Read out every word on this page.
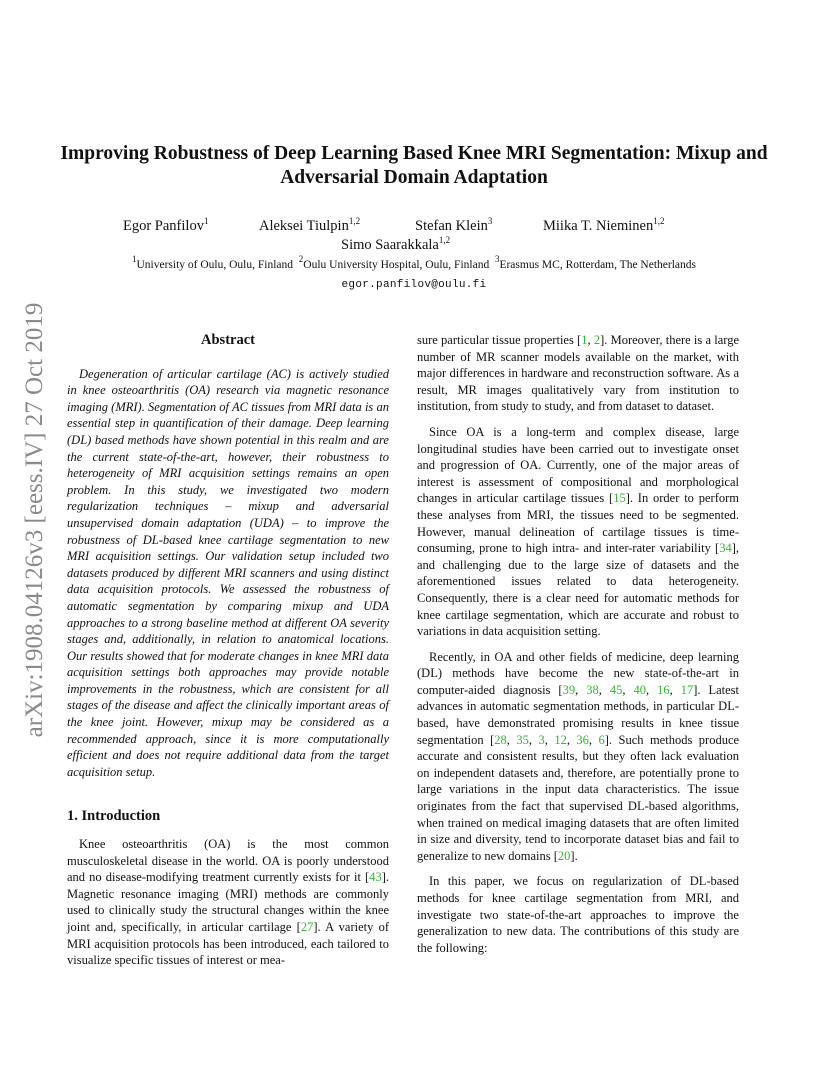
arXiv:1908.04126v3 [eess.IV] 27 Oct 2019
Improving Robustness of Deep Learning Based Knee MRI Segmentation: Mixup and Adversarial Domain Adaptation
Egor Panfilov$^1$	Aleksei Tiulpin$^{1,2}$	Stefan Klein$^3$	Miika T. Nieminen$^{1,2}$
Simo Saarakkala$^{1,2}$
$^1$University of Oulu, Oulu, Finland $^2$Oulu University Hospital, Oulu, Finland $^3$Erasmus MC, Rotterdam, The Netherlands
egor.panfilov@oulu.fi
Abstract

Degeneration of articular cartilage (AC) is actively studied in knee osteoarthritis (OA) research via magnetic resonance imaging (MRI). Segmentation of AC tissues from MRI data is an essential step in quantification of their damage. Deep learning (DL) based methods have shown potential in this realm and are the current state-of-the-art, however, their robustness to heterogeneity of MRI acquisition settings remains an open problem. In this study, we investigated two modern regularization techniques – mixup and adversarial unsupervised domain adaptation (UDA) – to improve the robustness of DL-based knee cartilage segmentation to new MRI acquisition settings. Our validation setup included two datasets produced by different MRI scanners and using distinct data acquisition protocols. We assessed the robustness of automatic segmentation by comparing mixup and UDA approaches to a strong baseline method at different OA severity stages and, additionally, in relation to anatomical locations. Our results showed that for moderate changes in knee MRI data acquisition settings both approaches may provide notable improvements in the robustness, which are consistent for all stages of the disease and affect the clinically important areas of the knee joint. However, mixup may be considered as a recommended approach, since it is more computationally efficient and does not require additional data from the target acquisition setup.

1. Introduction

Knee osteoarthritis (OA) is the most common musculoskeletal disease in the world. OA is poorly understood and no disease-modifying treatment currently exists for it [43]. Magnetic resonance imaging (MRI) methods are commonly used to clinically study the structural changes within the knee joint and, specifically, in articular cartilage [27]. A variety of MRI acquisition protocols has been introduced, each tailored to visualize specific tissues of interest or mea-

sure particular tissue properties [1, 2]. Moreover, there is a large number of MR scanner models available on the market, with major differences in hardware and reconstruction software. As a result, MR images qualitatively vary from institution to institution, from study to study, and from dataset to dataset.

Since OA is a long-term and complex disease, large longitudinal studies have been carried out to investigate onset and progression of OA. Currently, one of the major areas of interest is assessment of compositional and morphological changes in articular cartilage tissues [15]. In order to perform these analyses from MRI, the tissues need to be segmented. However, manual delineation of cartilage tissues is time-consuming, prone to high intra- and inter-rater variability [34], and challenging due to the large size of datasets and the aforementioned issues related to data heterogeneity. Consequently, there is a clear need for automatic methods for knee cartilage segmentation, which are accurate and robust to variations in data acquisition setting.

Recently, in OA and other fields of medicine, deep learning (DL) methods have become the new state-of-the-art in computer-aided diagnosis [39, 38, 45, 40, 16, 17]. Latest advances in automatic segmentation methods, in particular DL-based, have demonstrated promising results in knee tissue segmentation [28, 35, 3, 12, 36, 6]. Such methods produce accurate and consistent results, but they often lack evaluation on independent datasets and, therefore, are potentially prone to large variations in the input data characteristics. The issue originates from the fact that supervised DL-based algorithms, when trained on medical imaging datasets that are often limited in size and diversity, tend to incorporate dataset bias and fail to generalize to new domains [20].

In this paper, we focus on regularization of DL-based methods for knee cartilage segmentation from MRI, and investigate two state-of-the-art approaches to improve the generalization to new data. The contributions of this study are the following:
